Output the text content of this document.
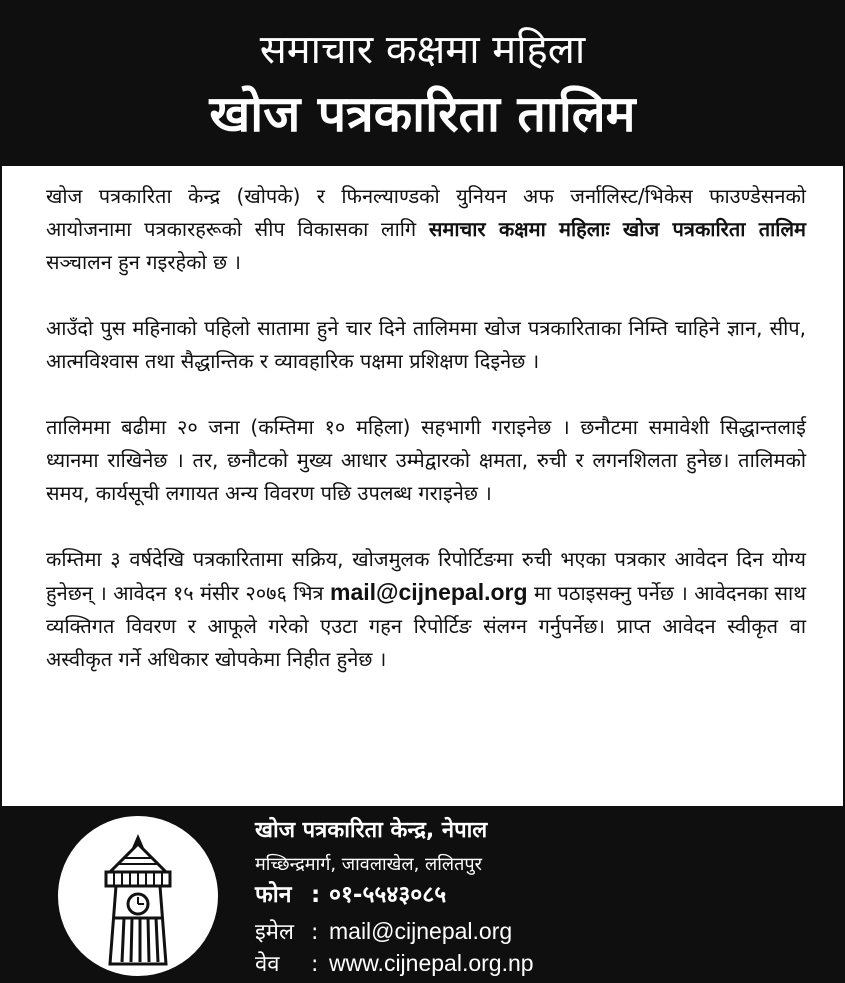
समाचार कक्षमा महिला
खोज पत्रकारिता तालिम

खोज पत्रकारिता केन्द्र (खोपके) र फिनल्याण्डको युनियन अफ जर्नालिस्ट/भिकेस फाउण्डेसनको आयोजनामा पत्रकारहरूको सीप विकासका लागि समाचार कक्षमा महिलाः खोज पत्रकारिता तालिम सञ्चालन हुन गइरहेको छ ।

आउँदो पुस महिनाको पहिलो सातामा हुने चार दिने तालिममा खोज पत्रकारिताका निम्ति चाहिने ज्ञान, सीप, आत्मविश्वास तथा सैद्धान्तिक र व्यावहारिक पक्षमा प्रशिक्षण दिइनेछ ।

तालिममा बढीमा २० जना (कम्तिमा १० महिला) सहभागी गराइनेछ । छनौटमा समावेशी सिद्धान्तलाई ध्यानमा राखिनेछ । तर, छनौटको मुख्य आधार उम्मेद्वारको क्षमता, रुची र लगनशिलता हुनेछ। तालिमको समय, कार्यसूची लगायत अन्य विवरण पछि उपलब्ध गराइनेछ ।

कम्तिमा ३ वर्षदेखि पत्रकारितामा सक्रिय, खोजमुलक रिपोर्टिङमा रुची भएका पत्रकार आवेदन दिन योग्य हुनेछन् । आवेदन १५ मंसीर २०७६ भित्र mail@cijnepal.org मा पठाइसक्नु पर्नेछ । आवेदनका साथ व्यक्तिगत विवरण र आफूले गरेको एउटा गहन रिपोर्टिङ संलग्न गर्नुपर्नेछ। प्राप्त आवेदन स्वीकृत वा अस्वीकृत गर्ने अधिकार खोपकेमा निहीत हुनेछ ।

खोज पत्रकारिता केन्द्र, नेपाल
मच्छिन्द्रमार्ग, जावलाखेल, ललितपुर
फोन : ०१-५५४३०८५
इमेल : mail@cijnepal.org
वेव : www.cijnepal.org.np
